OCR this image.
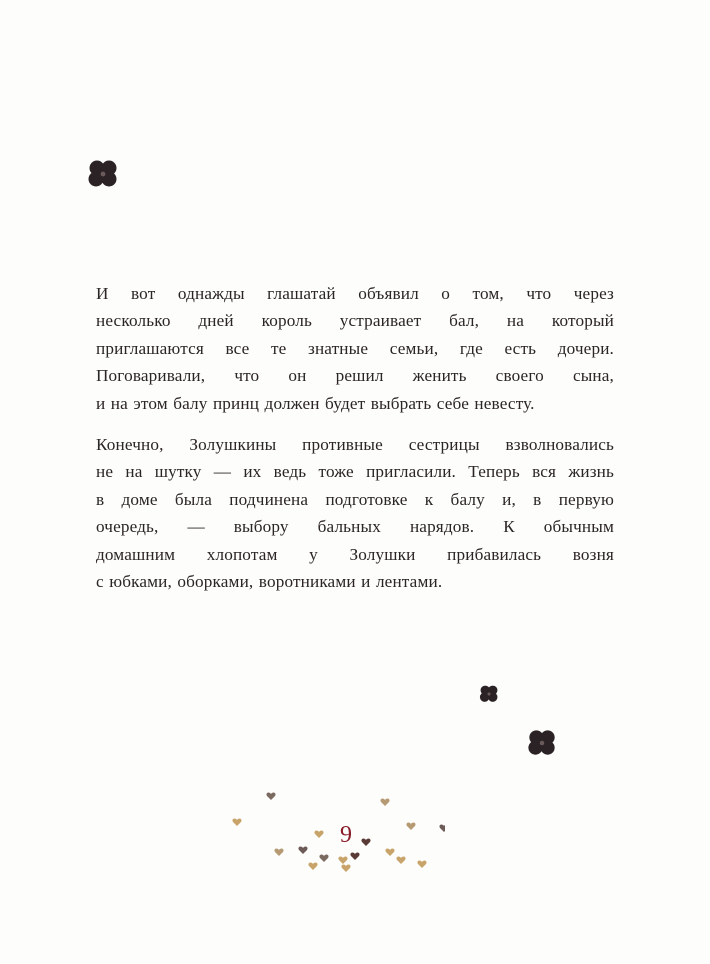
И вот однажды глашатай объявил о том, что через
несколько дней король устраивает бал, на который
приглашаются все те знатные семьи, где есть дочери.
Поговаривали, что он решил женить своего сына,
и на этом балу принц должен будет выбрать себе невесту.

Конечно, Золушкины противные сестрицы взволновались
не на шутку — их ведь тоже пригласили. Теперь вся жизнь
в доме была подчинена подготовке к балу и, в первую
очередь, — выбору бальных нарядов. К обычным
домашним хлопотам у Золушки прибавилась возня
с юбками, оборками, воротниками и лентами.

9
